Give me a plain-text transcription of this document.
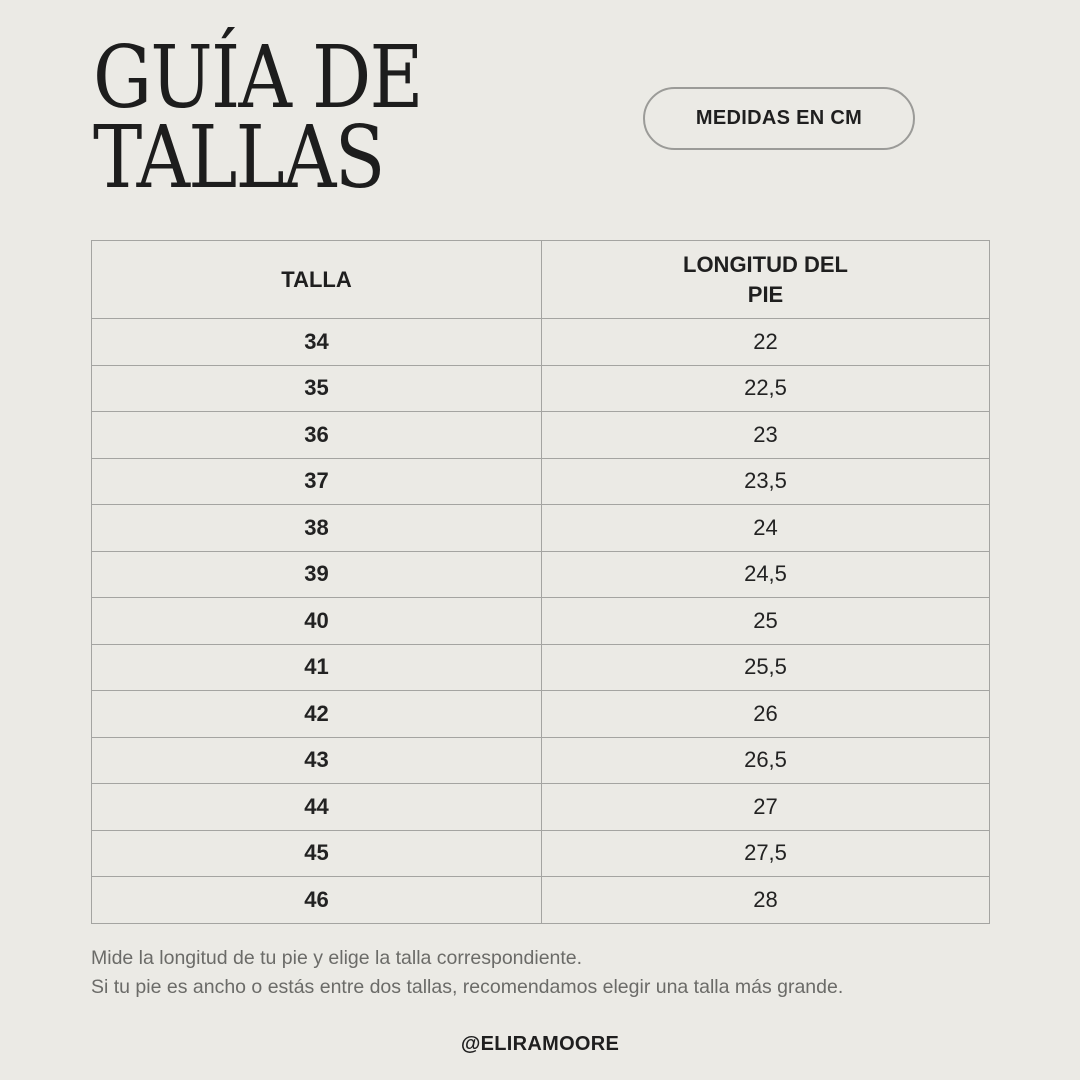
GUÍA DE
TALLAS	MEDIDAS EN CM
TALLA	LONGITUD DEL PIE
34	22
35	22,5
36	23
37	23,5
38	24
39	24,5
40	25
41	25,5
42	26
43	26,5
44	27
45	27,5
46	28

Mide la longitud de tu pie y elige la talla correspondiente.
Si tu pie es ancho o estás entre dos tallas, recomendamos elegir una talla más grande.

@ELIRAMOORE
